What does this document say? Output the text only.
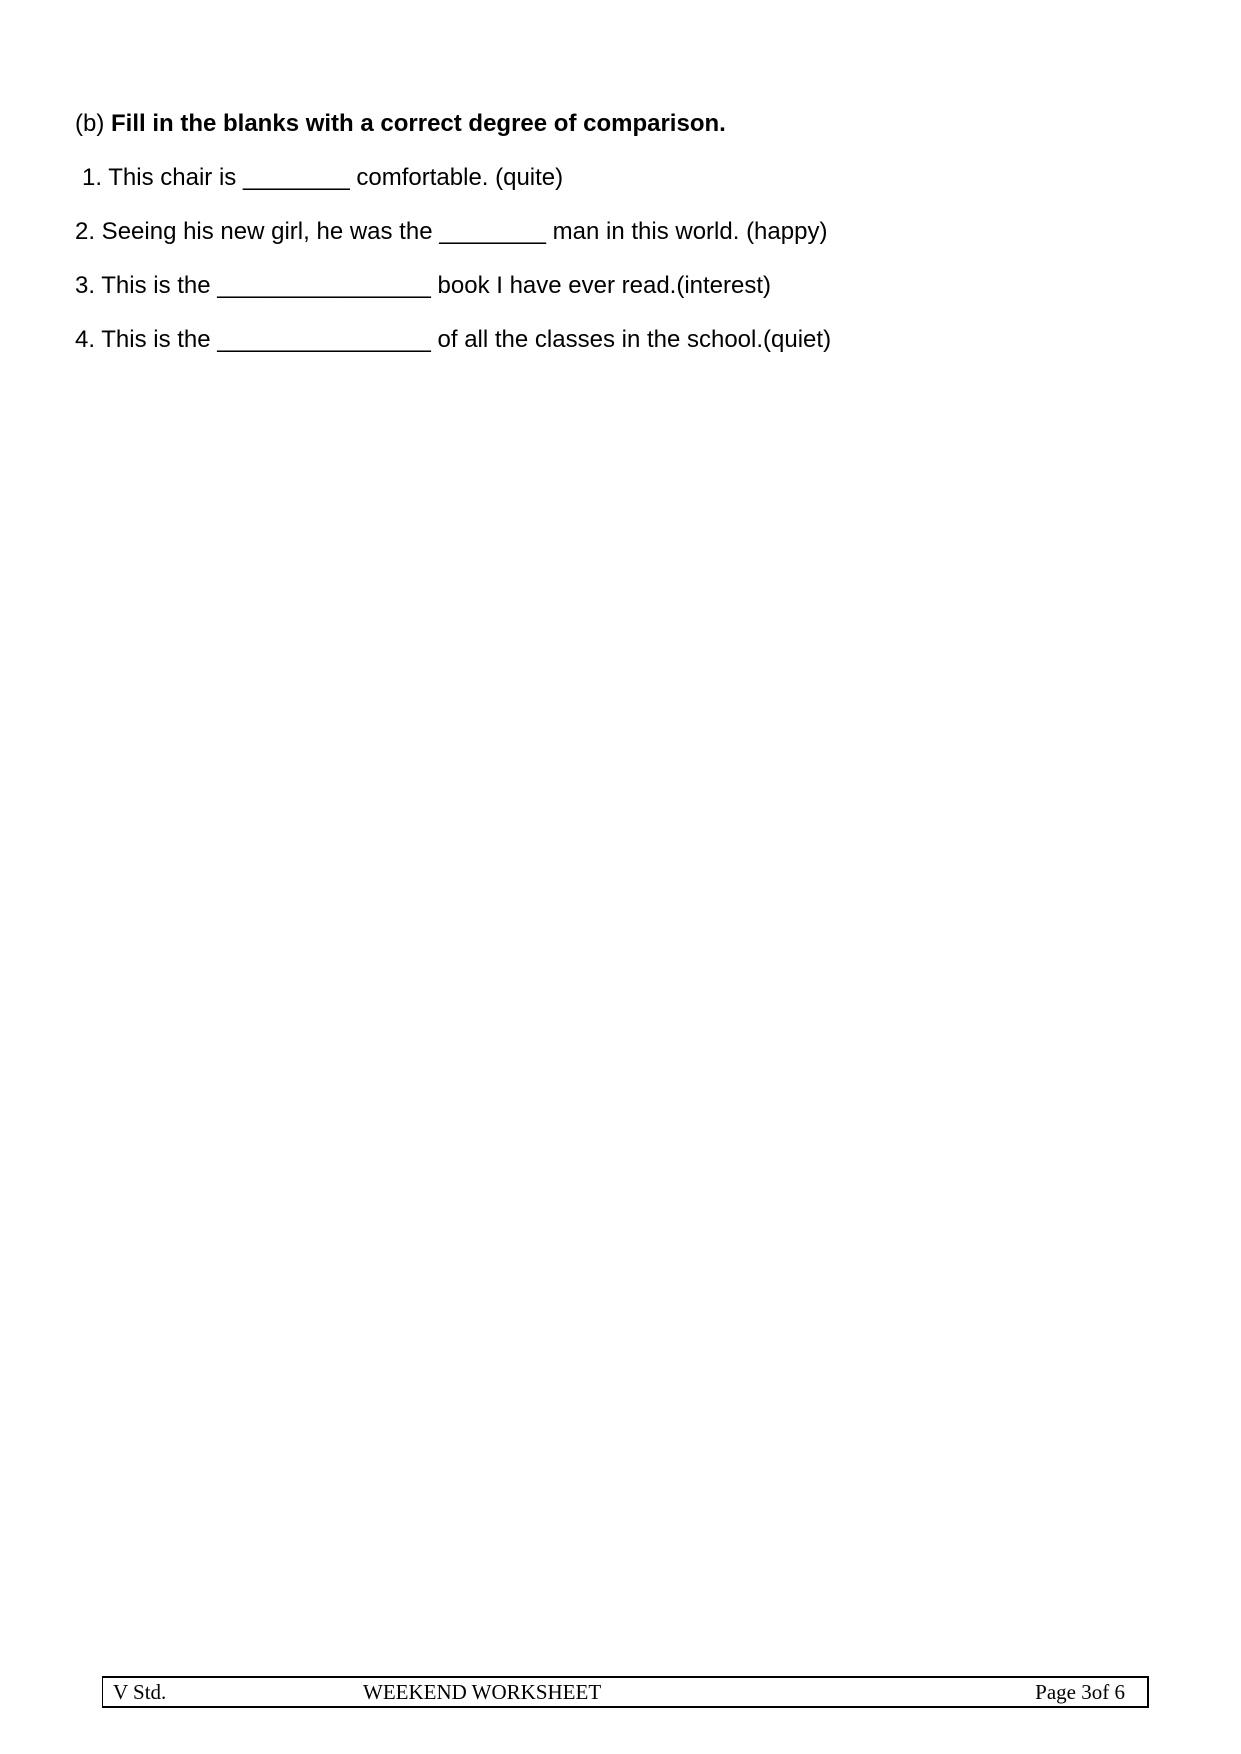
(b) Fill in the blanks with a correct degree of comparison.

1. This chair is ________ comfortable. (quite)

2. Seeing his new girl, he was the ________ man in this world. (happy)

3. This is the ________________ book I have ever read.(interest)

4. This is the ________________ of all the classes in the school.(quiet)

V Std.	WEEKEND WORKSHEET	Page 3of 6
